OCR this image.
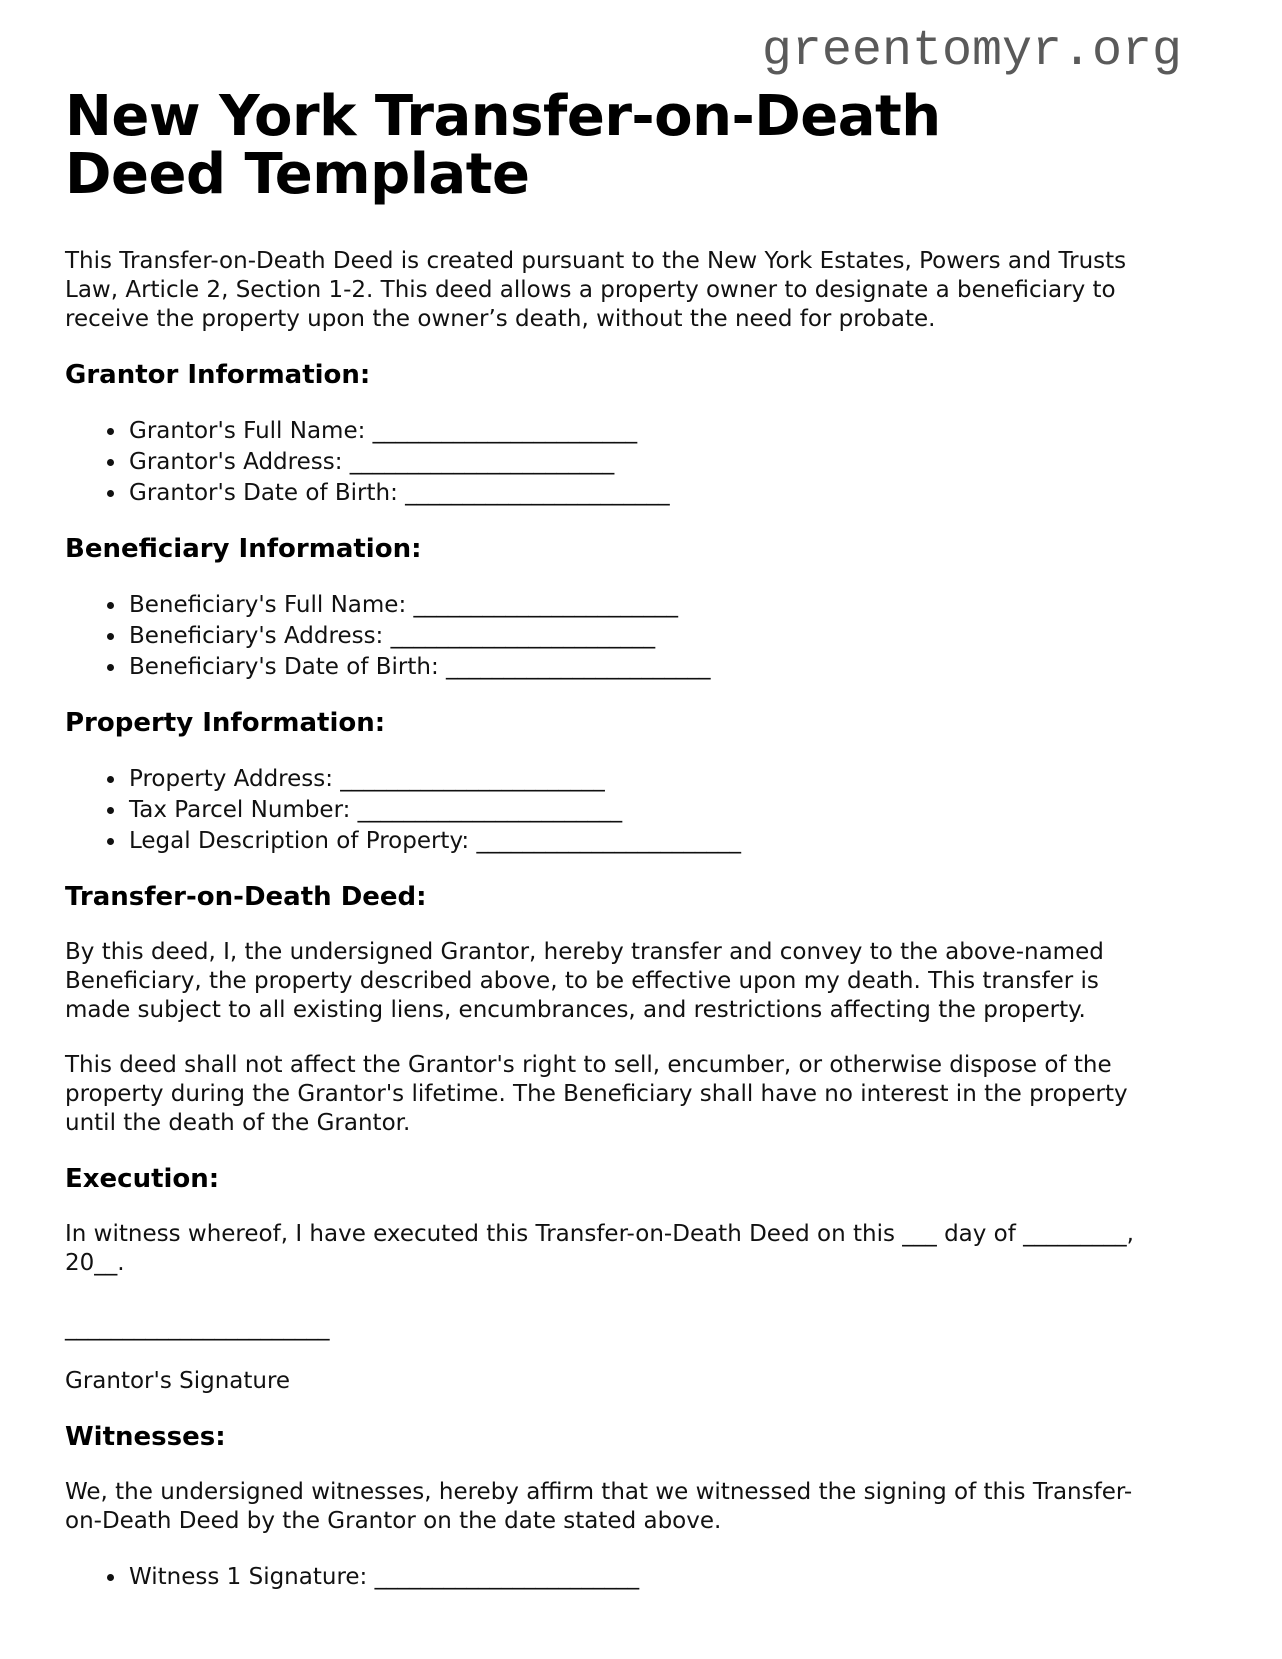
greentomyr.org
New York Transfer-on-Death Deed Template

This Transfer-on-Death Deed is created pursuant to the New York Estates, Powers and Trusts Law, Article 2, Section 1-2. This deed allows a property owner to designate a beneficiary to receive the property upon the owner’s death, without the need for probate.

Grantor Information:
• Grantor's Full Name: _______________________
• Grantor's Address: _______________________
• Grantor's Date of Birth: _______________________
Beneficiary Information:
• Beneficiary's Full Name: _______________________
• Beneficiary's Address: _______________________
• Beneficiary's Date of Birth: _______________________
Property Information:
• Property Address: _______________________
• Tax Parcel Number: _______________________
• Legal Description of Property: _______________________
Transfer-on-Death Deed:

By this deed, I, the undersigned Grantor, hereby transfer and convey to the above-named Beneficiary, the property described above, to be effective upon my death. This transfer is made subject to all existing liens, encumbrances, and restrictions affecting the property.

This deed shall not affect the Grantor's right to sell, encumber, or otherwise dispose of the property during the Grantor's lifetime. The Beneficiary shall have no interest in the property until the death of the Grantor.

Execution:

In witness whereof, I have executed this Transfer-on-Death Deed on this ___ day of _________, 20__.

_______________________

Grantor's Signature

Witnesses:

We, the undersigned witnesses, hereby affirm that we witnessed the signing of this Transfer-on-Death Deed by the Grantor on the date stated above.

• Witness 1 Signature: _______________________
